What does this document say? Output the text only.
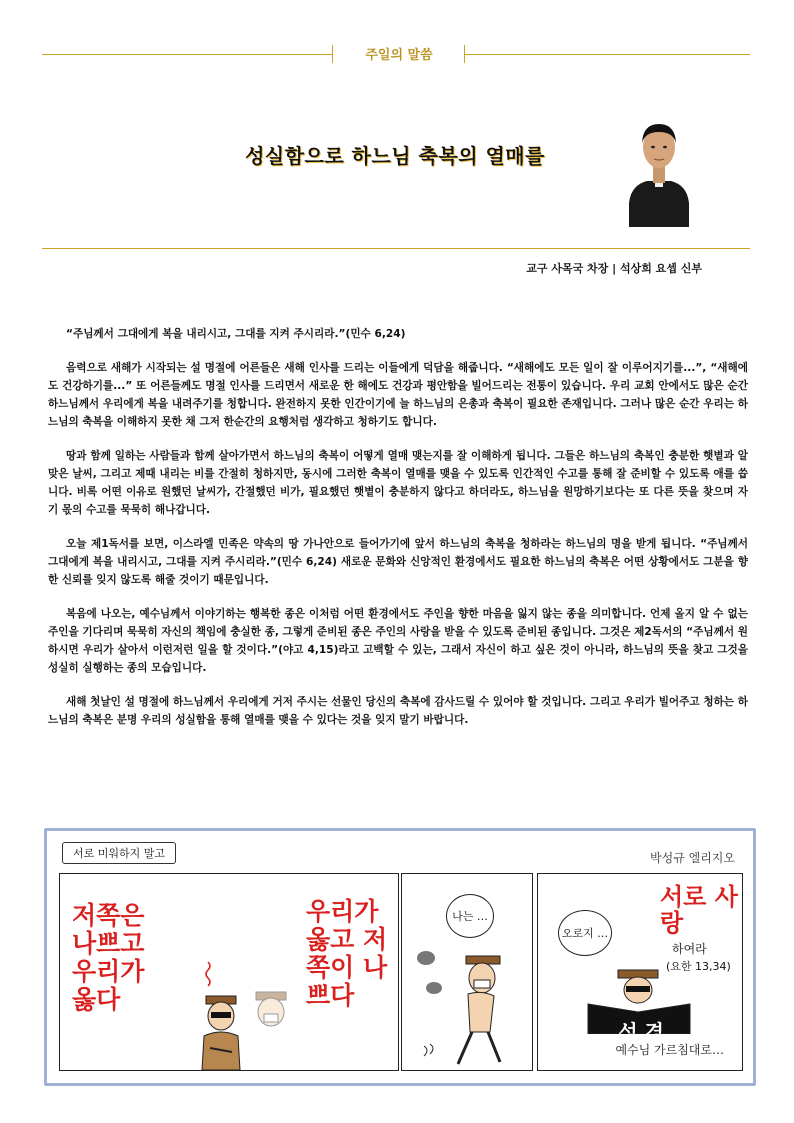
주일의 말씀
성실함으로 하느님 축복의 열매를
교구 사목국 차장 | 석상희 요셉 신부

“주님께서 그대에게 복을 내리시고, 그대를 지켜 주시리라.”(민수 6,24)

음력으로 새해가 시작되는 설 명절에 어른들은 새해 인사를 드리는 이들에게 덕담을 해줍니다. “새해에도 모든 일이 잘 이루어지기를...”, “새해에도 건강하기를...” 또 어른들께도 명절 인사를 드리면서 새로운 한 해에도 건강과 평안함을 빌어드리는 전통이 있습니다. 우리 교회 안에서도 많은 순간 하느님께서 우리에게 복을 내려주기를 청합니다. 완전하지 못한 인간이기에 늘 하느님의 은총과 축복이 필요한 존재입니다. 그러나 많은 순간 우리는 하느님의 축복을 이해하지 못한 채 그저 한순간의 요행처럼 생각하고 청하기도 합니다.

땅과 함께 일하는 사람들과 함께 살아가면서 하느님의 축복이 어떻게 열매 맺는지를 잘 이해하게 됩니다. 그들은 하느님의 축복인 충분한 햇볕과 알맞은 날씨, 그리고 제때 내리는 비를 간절히 청하지만, 동시에 그러한 축복이 열매를 맺을 수 있도록 인간적인 수고를 통해 잘 준비할 수 있도록 애를 씁니다. 비록 어떤 이유로 원했던 날씨가, 간절했던 비가, 필요했던 햇볕이 충분하지 않다고 하더라도, 하느님을 원망하기보다는 또 다른 뜻을 찾으며 자기 몫의 수고를 묵묵히 해나갑니다.

오늘 제1독서를 보면, 이스라엘 민족은 약속의 땅 가나안으로 들어가기에 앞서 하느님의 축복을 청하라는 하느님의 명을 받게 됩니다. “주님께서 그대에게 복을 내리시고, 그대를 지켜 주시리라.”(민수 6,24) 새로운 문화와 신앙적인 환경에서도 필요한 하느님의 축복은 어떤 상황에서도 그분을 향한 신뢰를 잊지 않도록 해줄 것이기 때문입니다.

복음에 나오는, 예수님께서 이야기하는 행복한 종은 이처럼 어떤 환경에서도 주인을 향한 마음을 잃지 않는 종을 의미합니다. 언제 올지 알 수 없는 주인을 기다리며 묵묵히 자신의 책임에 충실한 종, 그렇게 준비된 종은 주인의 사랑을 받을 수 있도록 준비된 종입니다. 그것은 제2독서의 “주님께서 원하시면 우리가 살아서 이런저런 일을 할 것이다.”(야고 4,15)라고 고백할 수 있는, 그래서 자신이 하고 싶은 것이 아니라, 하느님의 뜻을 찾고 그것을 성실히 실행하는 종의 모습입니다.

새해 첫날인 설 명절에 하느님께서 우리에게 거저 주시는 선물인 당신의 축복에 감사드릴 수 있어야 할 것입니다. 그리고 우리가 빌어주고 청하는 하느님의 축복은 분명 우리의 성실함을 통해 열매를 맺을 수 있다는 것을 잊지 말기 바랍니다.

서로 미워하지 말고	박성규 엘리지오
저쪽은 나쁘고 우리가 옳다
우리가 옳고 저쪽이 나쁘다
나는 …
오로지 …
서로 사랑
하여라
(요한 13,34)
성 경
예수님 가르침대로…
